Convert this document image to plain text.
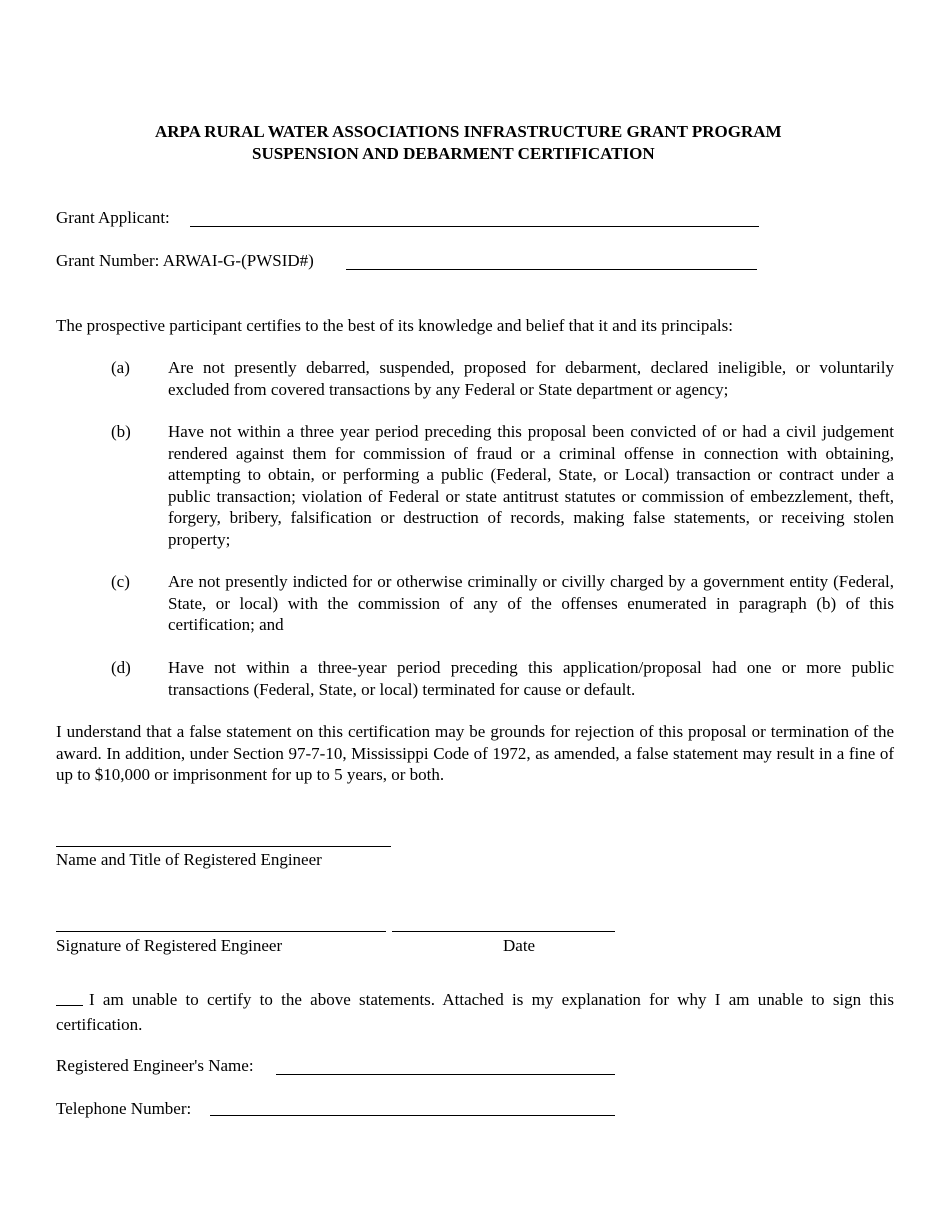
ARPA RURAL WATER ASSOCIATIONS INFRASTRUCTURE GRANT PROGRAM
SUSPENSION AND DEBARMENT CERTIFICATION
Grant Applicant:
Grant Number: ARWAI-G-(PWSID#)
The prospective participant certifies to the best of its knowledge and belief that it and its principals:
(a) Are not presently debarred, suspended, proposed for debarment, declared ineligible, or voluntarily excluded from covered transactions by any Federal or State department or agency;
(b) Have not within a three year period preceding this proposal been convicted of or had a civil judgement rendered against them for commission of fraud or a criminal offense in connection with obtaining, attempting to obtain, or performing a public (Federal, State, or Local) transaction or contract under a public transaction; violation of Federal or state antitrust statutes or commission of embezzlement, theft, forgery, bribery, falsification or destruction of records, making false statements, or receiving stolen property;
(c) Are not presently indicted for or otherwise criminally or civilly charged by a government entity (Federal, State, or local) with the commission of any of the offenses enumerated in paragraph (b) of this certification; and
(d) Have not within a three-year period preceding this application/proposal had one or more public transactions (Federal, State, or local) terminated for cause or default.
I understand that a false statement on this certification may be grounds for rejection of this proposal or termination of the award. In addition, under Section 97-7-10, Mississippi Code of 1972, as amended, a false statement may result in a fine of up to $10,000 or imprisonment for up to 5 years, or both.
Name and Title of Registered Engineer
Signature of Registered Engineer	Date
I am unable to certify to the above statements. Attached is my explanation for why I am unable to sign this certification.
Registered Engineer's Name:
Telephone Number:
